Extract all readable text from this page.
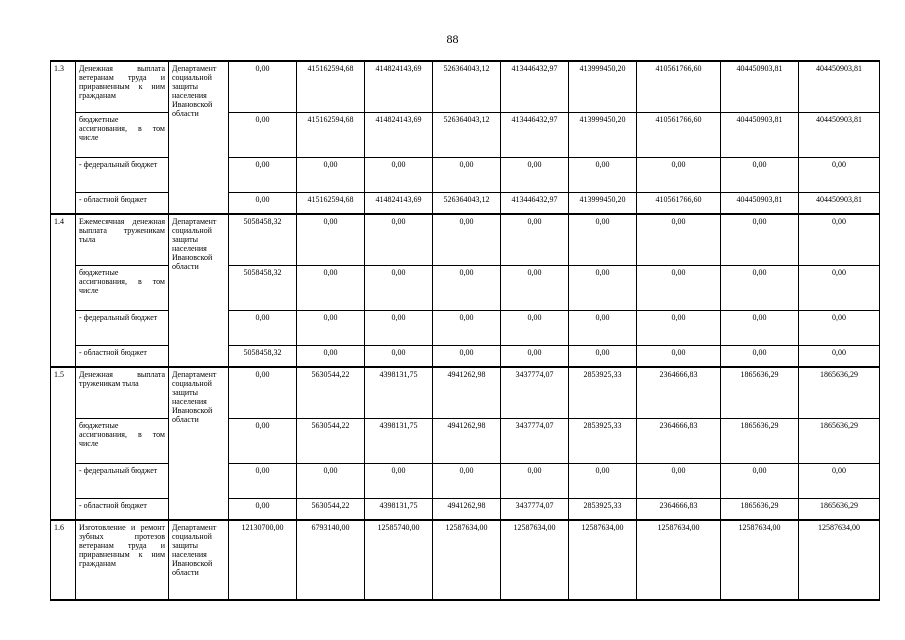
88
1.3	Денежная выплата ветеранам труда и приравненным к ним гражданам	Департамент социальной защиты населения Ивановской области	0,00	415162594,68	414824143,69	526364043,12	413446432,97	413999450,20	410561766,60	404450903,81	404450903,81
	бюджетные ассигнования, в том числе		0,00	415162594,68	414824143,69	526364043,12	413446432,97	413999450,20	410561766,60	404450903,81	404450903,81
	- федеральный бюджет		0,00	0,00	0,00	0,00	0,00	0,00	0,00	0,00	0,00
	- областной бюджет		0,00	415162594,68	414824143,69	526364043,12	413446432,97	413999450,20	410561766,60	404450903,81	404450903,81
1.4	Ежемесячная денежная выплата труженикам тыла	Департамент социальной защиты населения Ивановской области	5058458,32	0,00	0,00	0,00	0,00	0,00	0,00	0,00	0,00
	бюджетные ассигнования, в том числе		5058458,32	0,00	0,00	0,00	0,00	0,00	0,00	0,00	0,00
	- федеральный бюджет		0,00	0,00	0,00	0,00	0,00	0,00	0,00	0,00	0,00
	- областной бюджет		5058458,32	0,00	0,00	0,00	0,00	0,00	0,00	0,00	0,00
1.5	Денежная выплата труженикам тыла	Департамент социальной защиты населения Ивановской области	0,00	5630544,22	4398131,75	4941262,98	3437774,07	2853925,33	2364666,83	1865636,29	1865636,29
	бюджетные ассигнования, в том числе		0,00	5630544,22	4398131,75	4941262,98	3437774,07	2853925,33	2364666,83	1865636,29	1865636,29
	- федеральный бюджет		0,00	0,00	0,00	0,00	0,00	0,00	0,00	0,00	0,00
	- областной бюджет		0,00	5630544,22	4398131,75	4941262,98	3437774,07	2853925,33	2364666,83	1865636,29	1865636,29
1.6	Изготовление и ремонт зубных протезов ветеранам труда и приравненным к ним гражданам	Департамент социальной защиты населения Ивановской области	12130700,00	6793140,00	12585740,00	12587634,00	12587634,00	12587634,00	12587634,00	12587634,00	12587634,00
